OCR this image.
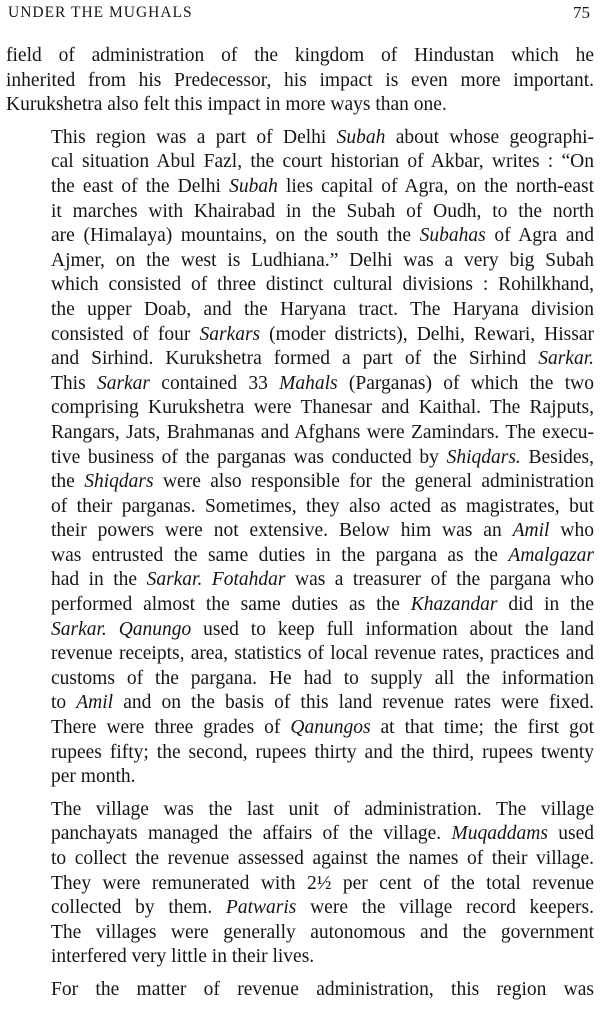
UNDER THE MUGHALS	75

field of administration of the kingdom of Hindustan which he
inherited from his Predecessor, his impact is even more important.
Kurukshetra also felt this impact in more ways than one.

This region was a part of Delhi Subah about whose geographi-
cal situation Abul Fazl, the court historian of Akbar, writes : “On
the east of the Delhi Subah lies capital of Agra, on the north-east
it marches with Khairabad in the Subah of Oudh, to the north
are (Himalaya) mountains, on the south the Subahas of Agra and
Ajmer, on the west is Ludhiana.” Delhi was a very big Subah
which consisted of three distinct cultural divisions : Rohilkhand,
the upper Doab, and the Haryana tract. The Haryana division
consisted of four Sarkars (moder districts), Delhi, Rewari, Hissar
and Sirhind. Kurukshetra formed a part of the Sirhind Sarkar.
This Sarkar contained 33 Mahals (Parganas) of which the two
comprising Kurukshetra were Thanesar and Kaithal. The Rajputs,
Rangars, Jats, Brahmanas and Afghans were Zamindars. The execu-
tive business of the parganas was conducted by Shiqdars. Besides,
the Shiqdars were also responsible for the general administration
of their parganas. Sometimes, they also acted as magistrates, but
their powers were not extensive. Below him was an Amil who
was entrusted the same duties in the pargana as the Amalgazar
had in the Sarkar. Fotahdar was a treasurer of the pargana who
performed almost the same duties as the Khazandar did in the
Sarkar. Qanungo used to keep full information about the land
revenue receipts, area, statistics of local revenue rates, practices and
customs of the pargana. He had to supply all the information
to Amil and on the basis of this land revenue rates were fixed.
There were three grades of Qanungos at that time; the first got
rupees fifty; the second, rupees thirty and the third, rupees twenty
per month.

The village was the last unit of administration. The village
panchayats managed the affairs of the village. Muqaddams used
to collect the revenue assessed against the names of their village.
They were remunerated with 2½ per cent of the total revenue
collected by them. Patwaris were the village record keepers.
The villages were generally autonomous and the government
interfered very little in their lives.

For the matter of revenue administration, this region was
